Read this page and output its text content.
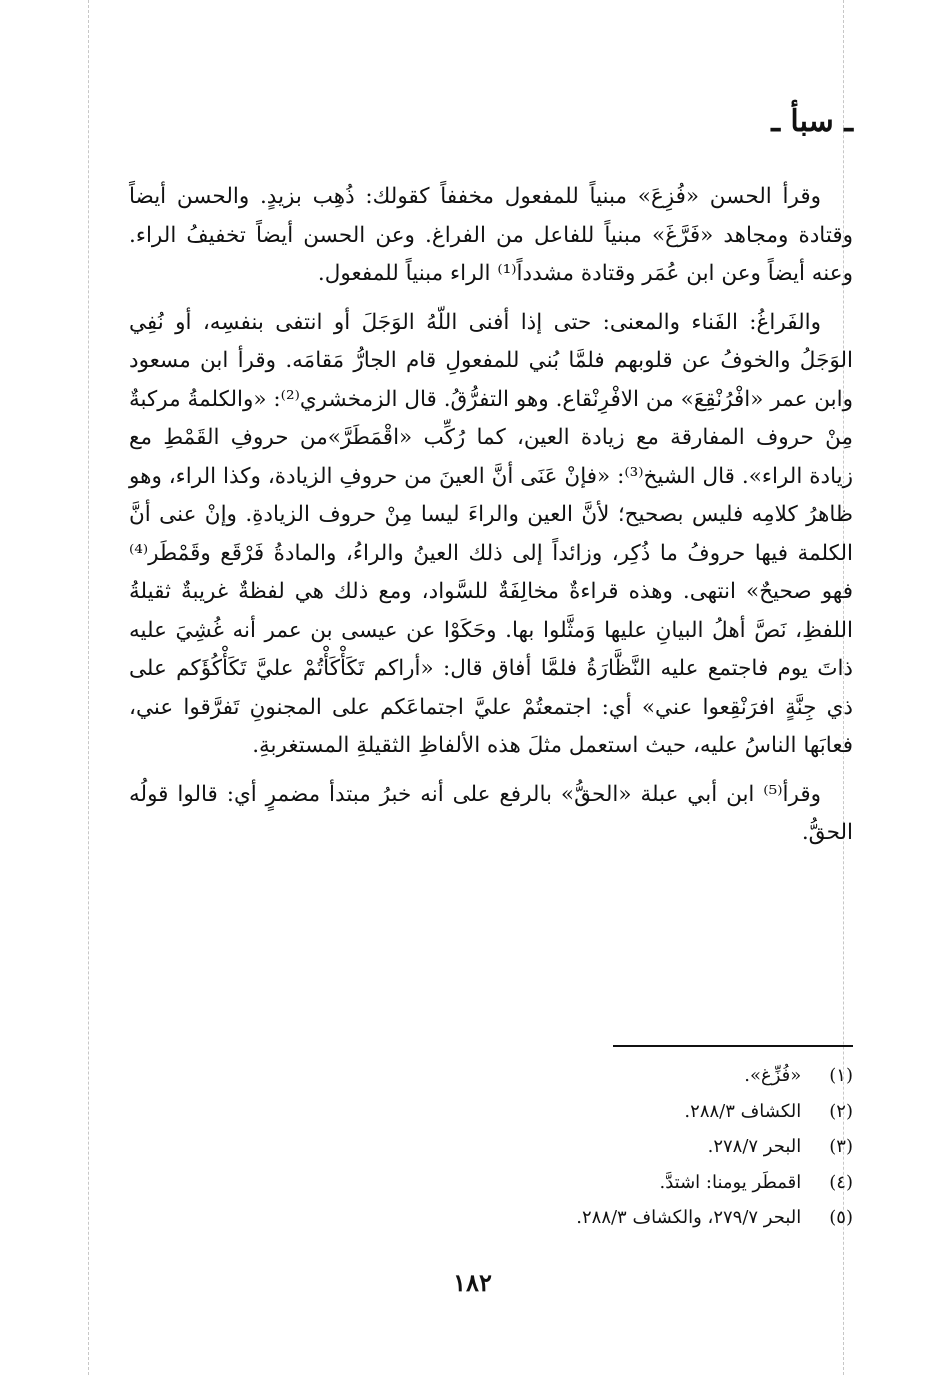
ـ سبأ ـ

وقرأ الحسن «فُزِعَ» مبنياً للمفعول مخففاً كقولك: ذُهِب بزيدٍ. والحسن أيضاً وقتادة ومجاهد «فَرَّغَ» مبنياً للفاعل من الفراغ. وعن الحسن أيضاً تخفيفُ الراء. وعنه أيضاً وعن ابن عُمَر وقتادة مشدداً⁽¹⁾ الراء مبنياً للمفعول.

والفَراغُ: الفَناء والمعنى: حتى إذا أفنى اللّهُ الوَجَلَ أو انتفى بنفسِه، أو نُفِي الوَجَلُ والخوفُ عن قلوبهم فلمَّا بُني للمفعولِ قام الجارُّ مَقامَه. وقرأ ابن مسعود وابن عمر «افْرُنْقِعَ» من الافْرِنْقاع. وهو التفرُّقُ. قال الزمخشري⁽²⁾: «والكلمةُ مركبةٌ مِنْ حروف المفارقة مع زيادة العين، كما رُكِّب «اقْمَطَرَّ»من حروفِ القَمْطِ مع زيادة الراء». قال الشيخ⁽³⁾: «فإنْ عَنَى أنَّ العينَ من حروفِ الزيادة، وكذا الراء، وهو ظاهرُ كلامِه فليس بصحيح؛ لأنَّ العين والراءَ ليسا مِنْ حروف الزيادةِ. وإنْ عنى أنَّ الكلمة فيها حروفُ ما ذُكِر، وزائداً إلى ذلك العينُ والراءُ، والمادةُ فَرْقَع وقَمْطَر⁽⁴⁾ فهو صحيحٌ» انتهى. وهذه قراءةٌ مخالِفَةٌ للسَّواد، ومع ذلك هي لفظةٌ غريبةٌ ثقيلةُ اللفظِ، نَصَّ أهلُ البيانِ عليها وَمثَّلوا بها. وحَكَوْا عن عيسى بن عمر أنه غُشِيَ عليه ذاتَ يوم فاجتمع عليه النَّظَّارَةُ فلمَّا أفاق قال: «أراكم تَكَأْكَأْتُمْ عليَّ تَكَأْكُؤَكم على ذي جِنَّةٍ افرَنْقِعوا عني» أي: اجتمعتُمْ عليَّ اجتماعَكم على المجنونِ تَفرَّقوا عني، فعابَها الناسُ عليه، حيث استعمل مثلَ هذه الألفاظِ الثقيلةِ المستغربةِ.

وقرأ⁽⁵⁾ ابن أبي عبلة «الحقُّ» بالرفع على أنه خبرُ مبتدأ مضمرٍ أي: قالوا قولُه الحقُّ.

(١) «فُزِّغ».
(٢) الكشاف ٢٨٨/٣.
(٣) البحر ٢٧٨/٧.
(٤) اقمطَر يومنا: اشتدَّ.
(٥) البحر ٢٧٩/٧، والكشاف ٢٨٨/٣.
١٨٢
